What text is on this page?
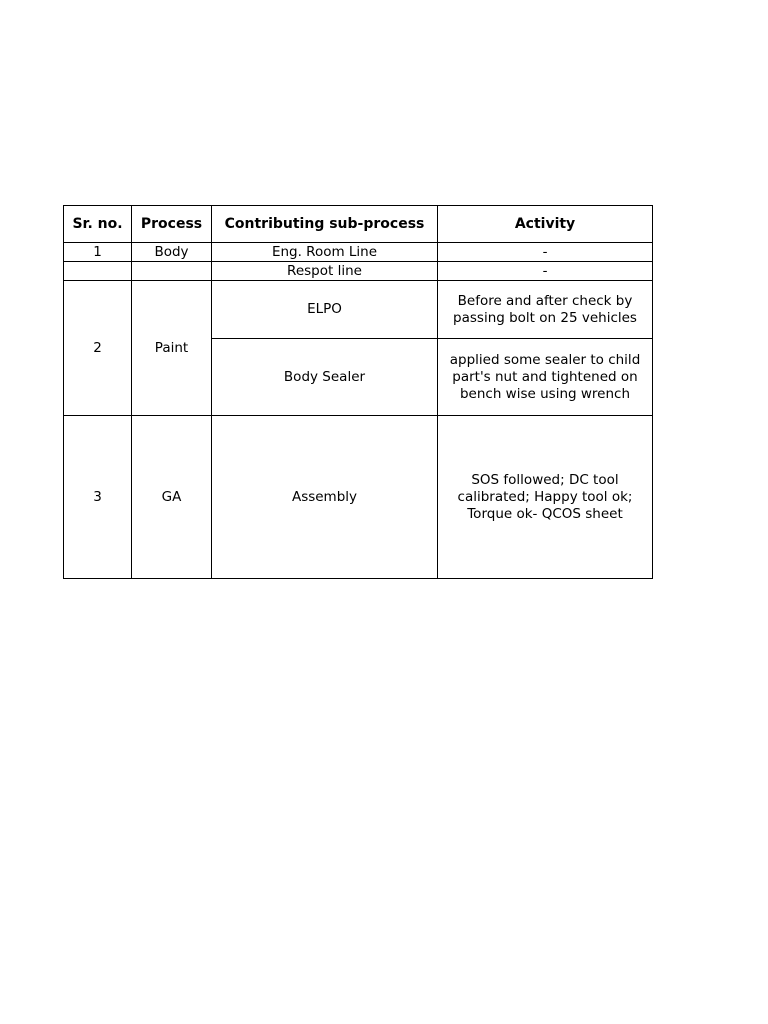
Sr. no.	Process	Contributing sub-process	Activity
1	Body	Eng. Room Line	-
		Respot line	-
2	Paint	ELPO	Before and after check by passing bolt on 25 vehicles
		Body Sealer	applied some sealer to child part's nut and tightened on bench wise using wrench
3	GA	Assembly	SOS followed; DC tool calibrated; Happy tool ok; Torque ok- QCOS sheet
